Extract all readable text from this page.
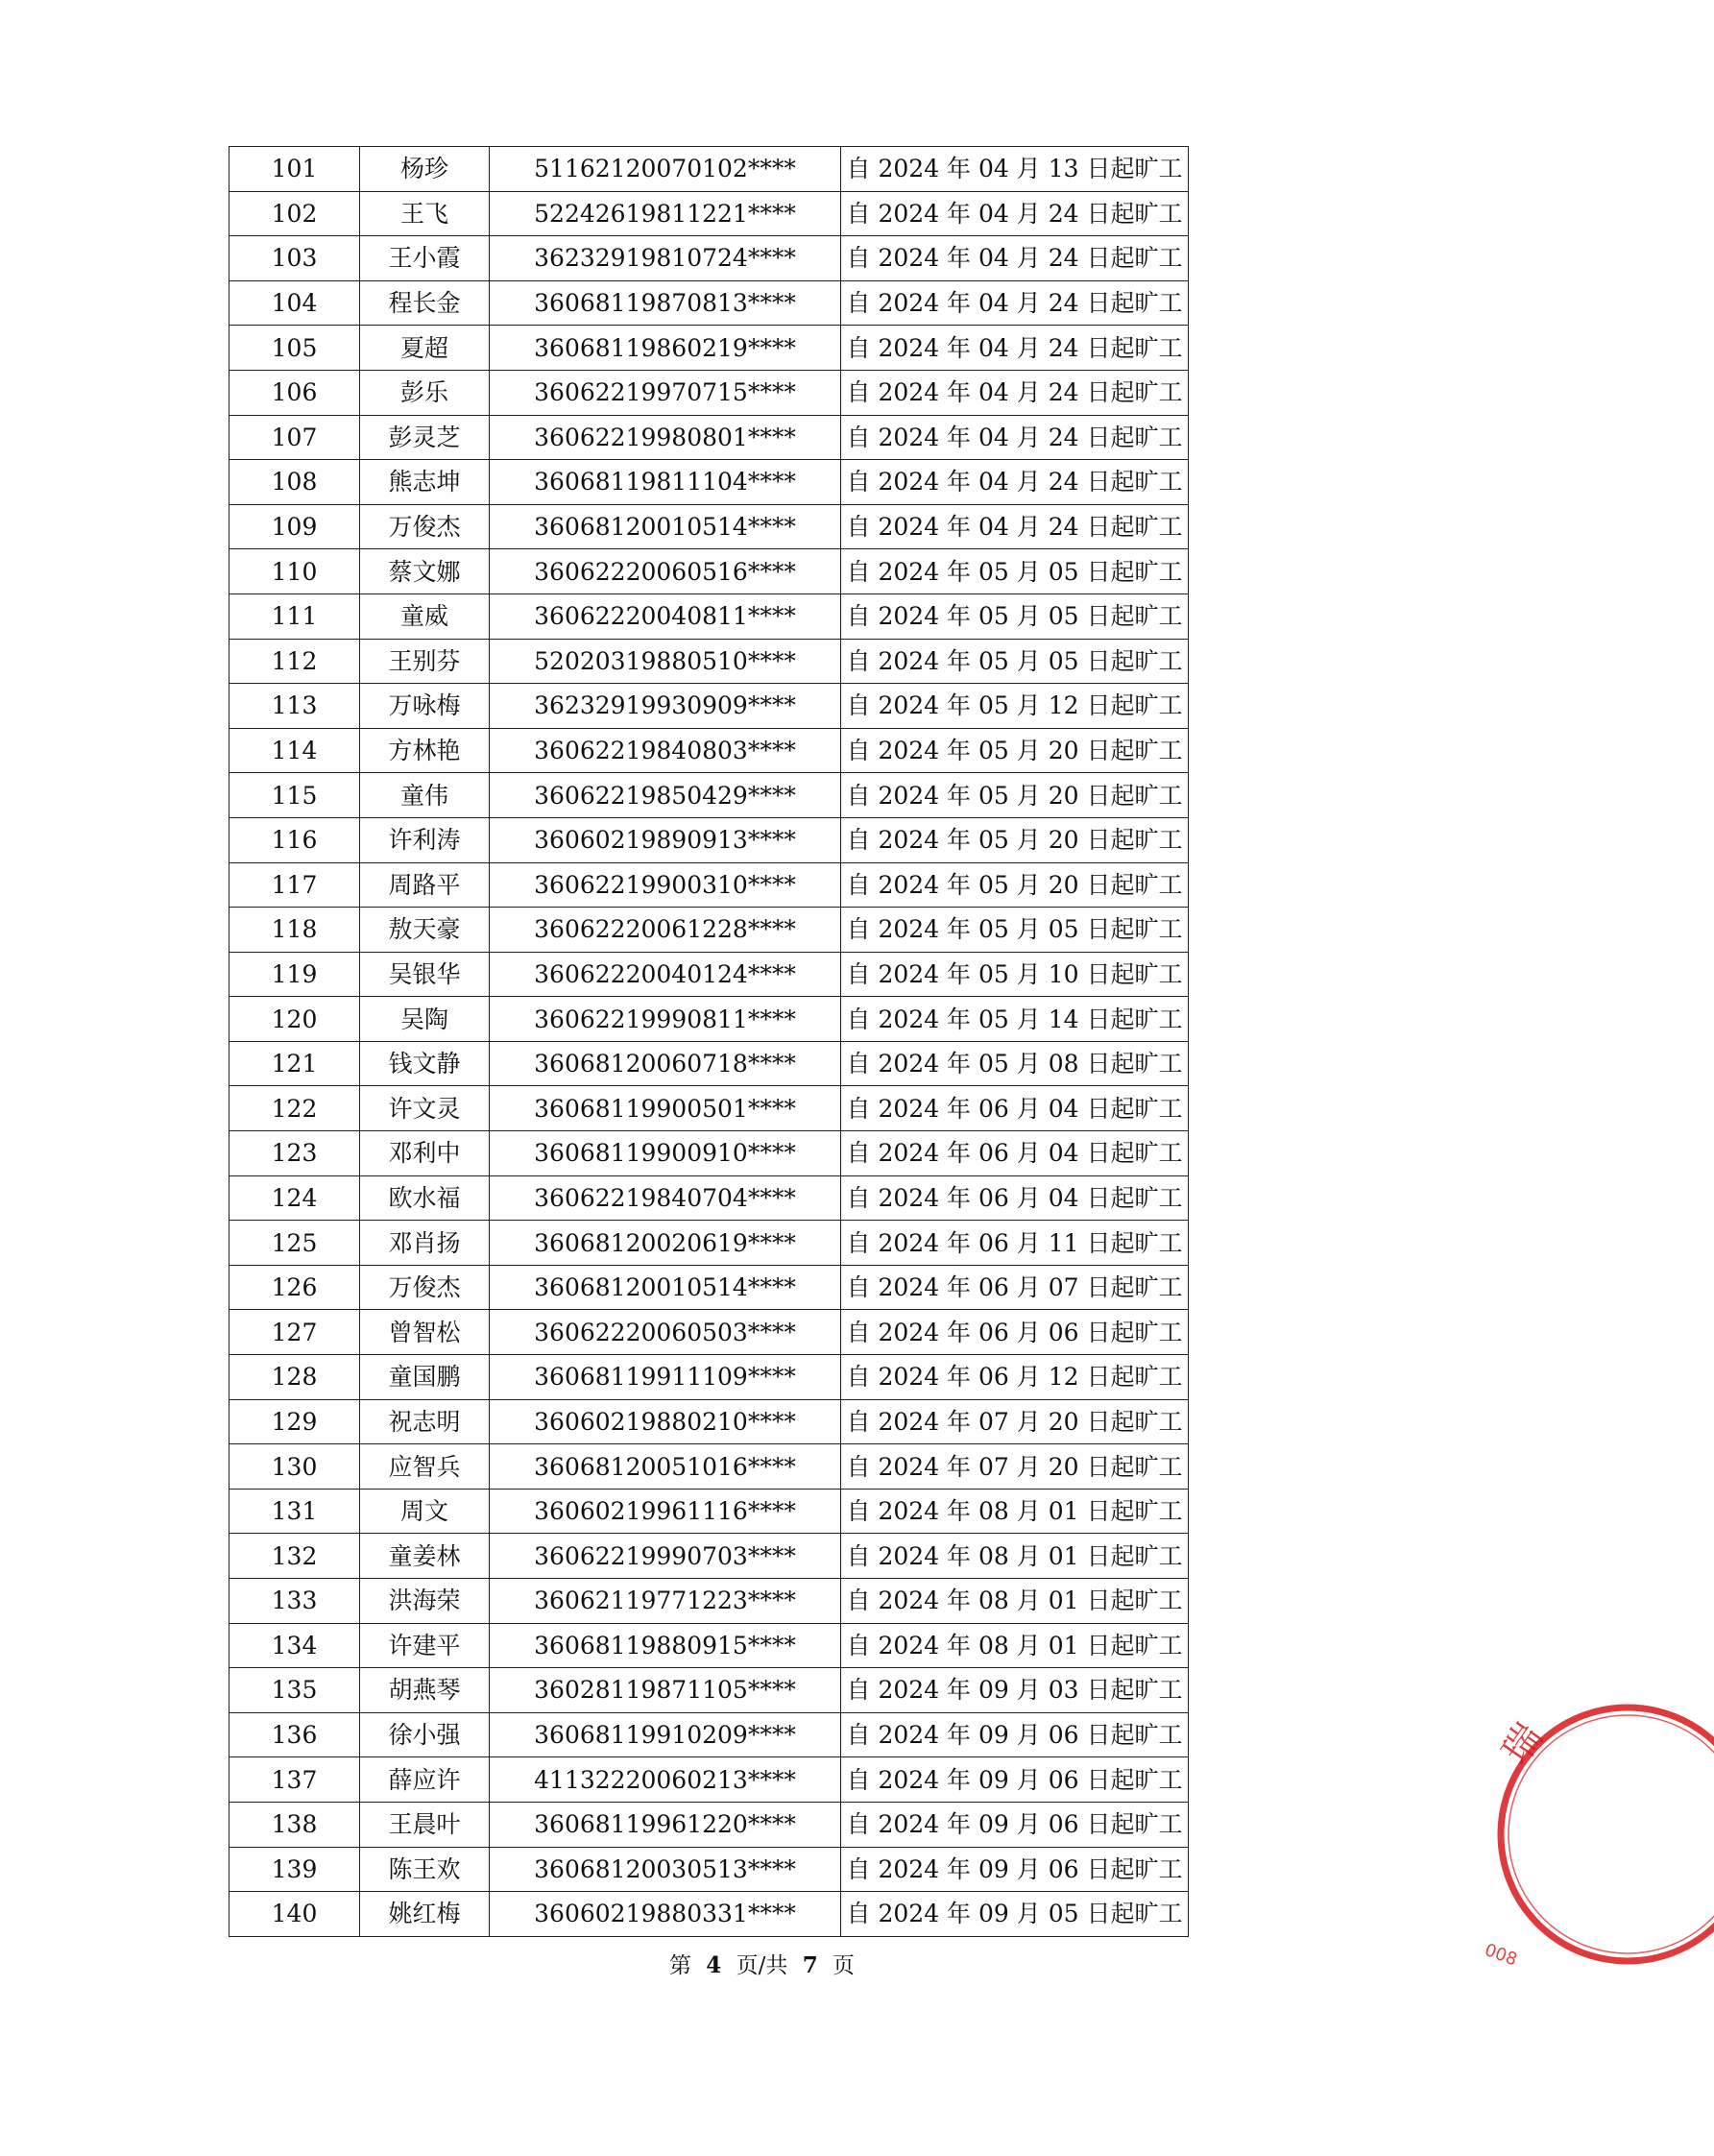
101	杨珍	51162120070102****	自 2024 年 04 月 13 日起旷工
102	王飞	52242619811221****	自 2024 年 04 月 24 日起旷工
103	王小霞	36232919810724****	自 2024 年 04 月 24 日起旷工
104	程长金	36068119870813****	自 2024 年 04 月 24 日起旷工
105	夏超	36068119860219****	自 2024 年 04 月 24 日起旷工
106	彭乐	36062219970715****	自 2024 年 04 月 24 日起旷工
107	彭灵芝	36062219980801****	自 2024 年 04 月 24 日起旷工
108	熊志坤	36068119811104****	自 2024 年 04 月 24 日起旷工
109	万俊杰	36068120010514****	自 2024 年 04 月 24 日起旷工
110	蔡文娜	36062220060516****	自 2024 年 05 月 05 日起旷工
111	童威	36062220040811****	自 2024 年 05 月 05 日起旷工
112	王别芬	52020319880510****	自 2024 年 05 月 05 日起旷工
113	万咏梅	36232919930909****	自 2024 年 05 月 12 日起旷工
114	方林艳	36062219840803****	自 2024 年 05 月 20 日起旷工
115	童伟	36062219850429****	自 2024 年 05 月 20 日起旷工
116	许利涛	36060219890913****	自 2024 年 05 月 20 日起旷工
117	周路平	36062219900310****	自 2024 年 05 月 20 日起旷工
118	敖天豪	36062220061228****	自 2024 年 05 月 05 日起旷工
119	吴银华	36062220040124****	自 2024 年 05 月 10 日起旷工
120	吴陶	36062219990811****	自 2024 年 05 月 14 日起旷工
121	钱文静	36068120060718****	自 2024 年 05 月 08 日起旷工
122	许文灵	36068119900501****	自 2024 年 06 月 04 日起旷工
123	邓利中	36068119900910****	自 2024 年 06 月 04 日起旷工
124	欧水福	36062219840704****	自 2024 年 06 月 04 日起旷工
125	邓肖扬	36068120020619****	自 2024 年 06 月 11 日起旷工
126	万俊杰	36068120010514****	自 2024 年 06 月 07 日起旷工
127	曾智松	36062220060503****	自 2024 年 06 月 06 日起旷工
128	童国鹏	36068119911109****	自 2024 年 06 月 12 日起旷工
129	祝志明	36060219880210****	自 2024 年 07 月 20 日起旷工
130	应智兵	36068120051016****	自 2024 年 07 月 20 日起旷工
131	周文	36060219961116****	自 2024 年 08 月 01 日起旷工
132	童姜林	36062219990703****	自 2024 年 08 月 01 日起旷工
133	洪海荣	36062119771223****	自 2024 年 08 月 01 日起旷工
134	许建平	36068119880915****	自 2024 年 08 月 01 日起旷工
135	胡燕琴	36028119871105****	自 2024 年 09 月 03 日起旷工
136	徐小强	36068119910209****	自 2024 年 09 月 06 日起旷工
137	薛应许	41132220060213****	自 2024 年 09 月 06 日起旷工
138	王晨叶	36068119961220****	自 2024 年 09 月 06 日起旷工
139	陈王欢	36068120030513****	自 2024 年 09 月 06 日起旷工
140	姚红梅	36060219880331****	自 2024 年 09 月 05 日起旷工
第 4 页/共 7 页
瑞
008
